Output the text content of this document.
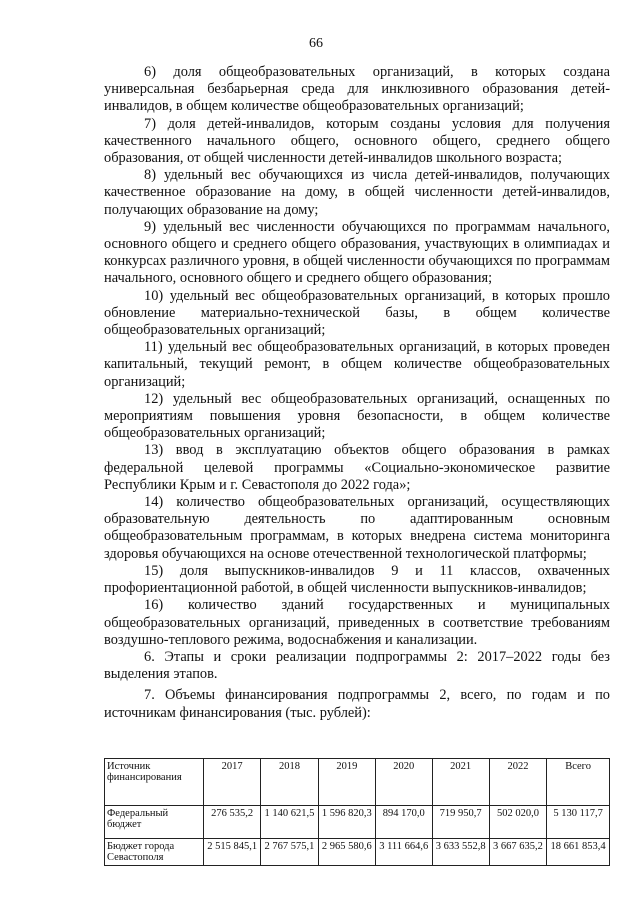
66

6) доля общеобразовательных организаций, в которых создана универсальная безбарьерная среда для инклюзивного образования детей-инвалидов, в общем количестве общеобразовательных организаций;

7) доля детей-инвалидов, которым созданы условия для получения качественного начального общего, основного общего, среднего общего образования, от общей численности детей-инвалидов школьного возраста;

8) удельный вес обучающихся из числа детей-инвалидов, получающих качественное образование на дому, в общей численности детей-инвалидов, получающих образование на дому;

9) удельный вес численности обучающихся по программам начального, основного общего и среднего общего образования, участвующих в олимпиадах и конкурсах различного уровня, в общей численности обучающихся по программам начального, основного общего и среднего общего образования;

10) удельный вес общеобразовательных организаций, в которых прошло обновление материально-технической базы, в общем количестве общеобразовательных организаций;

11) удельный вес общеобразовательных организаций, в которых проведен капитальный, текущий ремонт, в общем количестве общеобразовательных организаций;

12) удельный вес общеобразовательных организаций, оснащенных по мероприятиям повышения уровня безопасности, в общем количестве общеобразовательных организаций;

13) ввод в эксплуатацию объектов общего образования в рамках федеральной целевой программы «Социально-экономическое развитие Республики Крым и г. Севастополя до 2022 года»;

14) количество общеобразовательных организаций, осуществляющих образовательную деятельность по адаптированным основным общеобразовательным программам, в которых внедрена система мониторинга здоровья обучающихся на основе отечественной технологической платформы;

15) доля выпускников-инвалидов 9 и 11 классов, охваченных профориентационной работой, в общей численности выпускников-инвалидов;

16) количество зданий государственных и муниципальных общеобразовательных организаций, приведенных в соответствие требованиям воздушно-теплового режима, водоснабжения и канализации.

6. Этапы и сроки реализации подпрограммы 2: 2017–2022 годы без выделения этапов.

7. Объемы финансирования подпрограммы 2, всего, по годам и по источникам финансирования (тыс. рублей):

Источник финансирования	2017	2018	2019	2020	2021	2022	Всего
Федеральный бюджет	276 535,2	1 140 621,5	1 596 820,3	894 170,0	719 950,7	502 020,0	5 130 117,7
Бюджет города Севастополя	2 515 845,1	2 767 575,1	2 965 580,6	3 111 664,6	3 633 552,8	3 667 635,2	18 661 853,4
